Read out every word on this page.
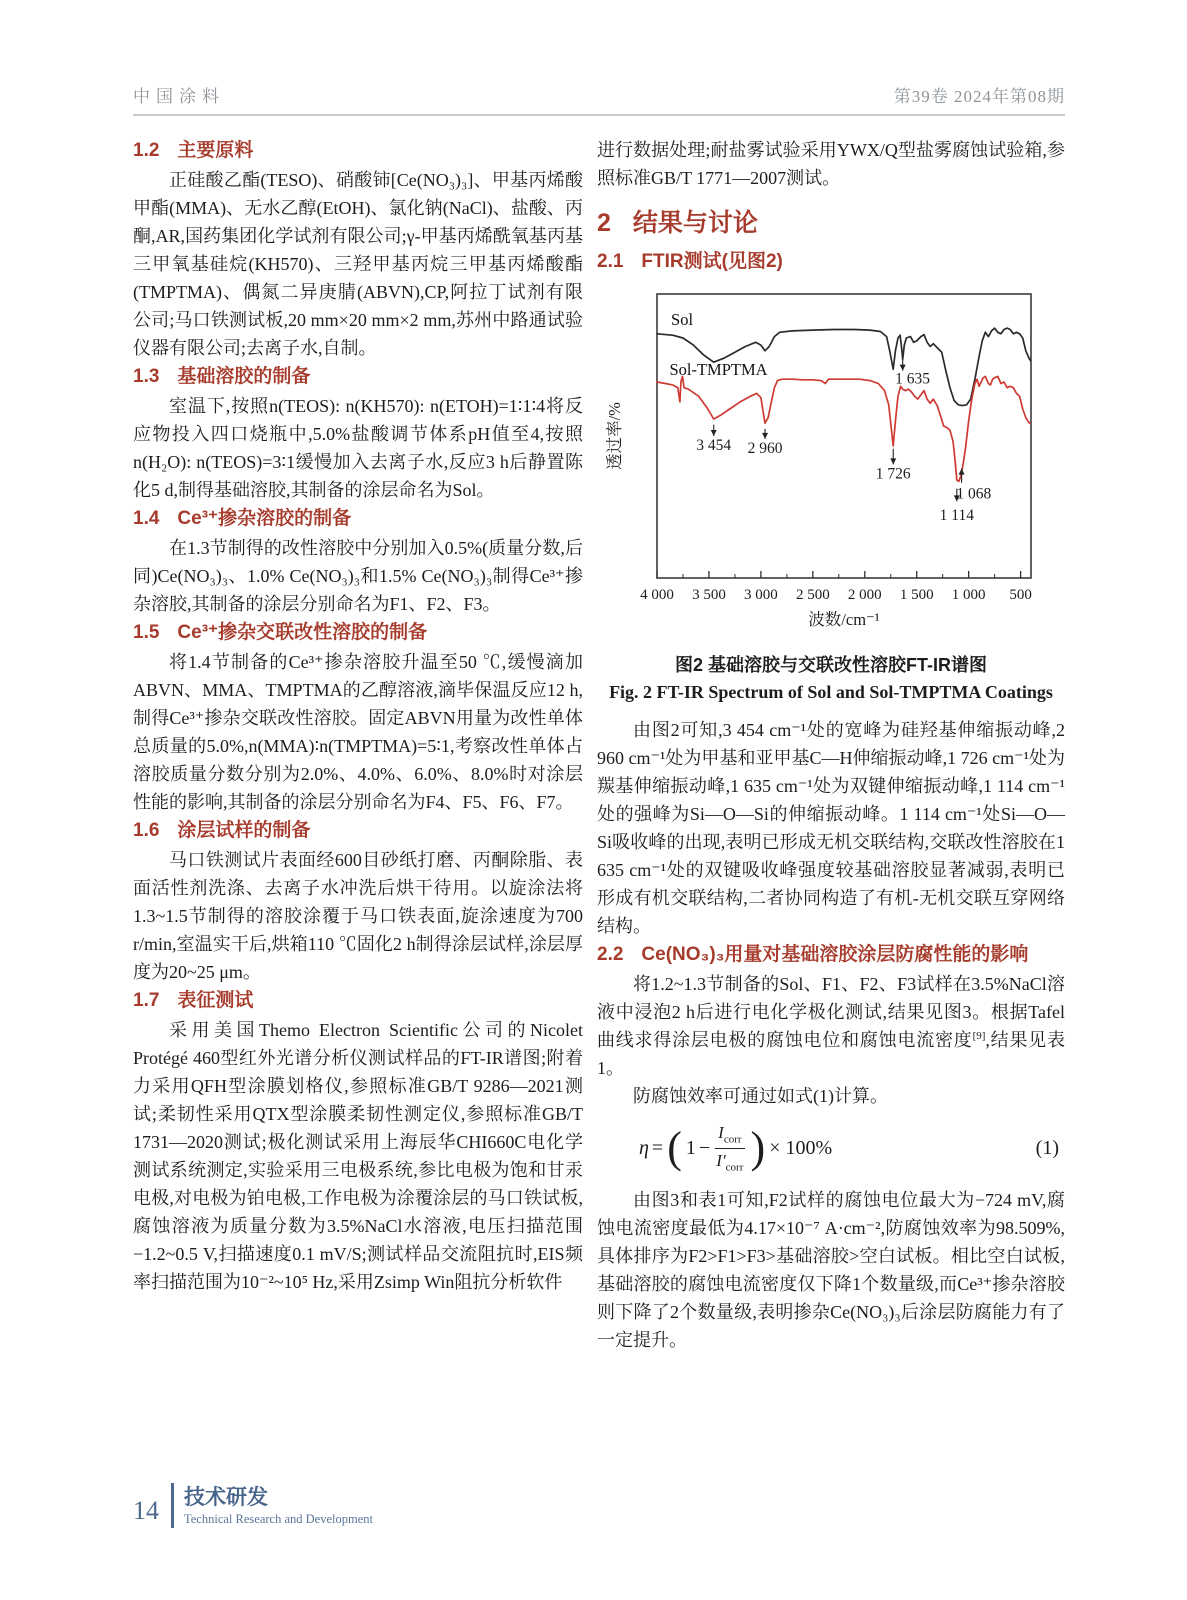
中国涂料	第39卷 2024年第08期
1.2 主要原料

正硅酸乙酯(TESO)、硝酸铈[Ce(NO₃)₃]、甲基丙烯酸甲酯(MMA)、无水乙醇(EtOH)、氯化钠(NaCl)、盐酸、丙酮,AR,国药集团化学试剂有限公司;γ-甲基丙烯酰氧基丙基三甲氧基硅烷(KH570)、三羟甲基丙烷三甲基丙烯酸酯(TMPTMA)、偶氮二异庚腈(ABVN),CP,阿拉丁试剂有限公司;马口铁测试板,20 mm×20 mm×2 mm,苏州中路通试验仪器有限公司;去离子水,自制。

1.3 基础溶胶的制备

室温下,按照n(TEOS): n(KH570): n(ETOH)=1∶1∶4将反应物投入四口烧瓶中,5.0%盐酸调节体系pH值至4,按照n(H₂O): n(TEOS)=3∶1缓慢加入去离子水,反应3 h后静置陈化5 d,制得基础溶胶,其制备的涂层命名为Sol。

1.4 Ce³⁺掺杂溶胶的制备

在1.3节制得的改性溶胶中分别加入0.5%(质量分数,后同)Ce(NO₃)₃、1.0% Ce(NO₃)₃和1.5% Ce(NO₃)₃制得Ce³⁺掺杂溶胶,其制备的涂层分别命名为F1、F2、F3。

1.5 Ce³⁺掺杂交联改性溶胶的制备

将1.4节制备的Ce³⁺掺杂溶胶升温至50 ℃,缓慢滴加ABVN、MMA、TMPTMA的乙醇溶液,滴毕保温反应12 h,制得Ce³⁺掺杂交联改性溶胶。固定ABVN用量为改性单体总质量的5.0%,n(MMA)∶n(TMPTMA)=5∶1,考察改性单体占溶胶质量分数分别为2.0%、4.0%、6.0%、8.0%时对涂层性能的影响,其制备的涂层分别命名为F4、F5、F6、F7。

1.6 涂层试样的制备

马口铁测试片表面经600目砂纸打磨、丙酮除脂、表面活性剂洗涤、去离子水冲洗后烘干待用。以旋涂法将1.3~1.5节制得的溶胶涂覆于马口铁表面,旋涂速度为700 r/min,室温实干后,烘箱110 ℃固化2 h制得涂层试样,涂层厚度为20~25 μm。

1.7 表征测试

采用美国Themo Electron Scientific公司的Nicolet Protégé 460型红外光谱分析仪测试样品的FT-IR谱图;附着力采用QFH型涂膜划格仪,参照标准GB/T 9286—2021测试;柔韧性采用QTX型涂膜柔韧性测定仪,参照标准GB/T 1731—2020测试;极化测试采用上海辰华CHI660C电化学测试系统测定,实验采用三电极系统,参比电极为饱和甘汞电极,对电极为铂电极,工作电极为涂覆涂层的马口铁试板,腐蚀溶液为质量分数为3.5%NaCl水溶液,电压扫描范围−1.2~0.5 V,扫描速度0.1 mV/S;测试样品交流阻抗时,EIS频率扫描范围为10⁻²~10⁵ Hz,采用Zsimp Win阻抗分析软件

进行数据处理;耐盐雾试验采用YWX/Q型盐雾腐蚀试验箱,参照标准GB/T 1771—2007测试。

2 结果与讨论
2.1 FTIR测试(见图2)
4 000 3 500 3 000 2 500 2 000 1 500 1 000 500
波数/cm⁻¹
透过率/%
Sol
Sol-TMPTMA
3 454 2 960
1 726
1 635
1 114
1 068
图2 基础溶胶与交联改性溶胶FT-IR谱图
Fig. 2 FT-IR Spectrum of Sol and Sol-TMPTMA Coatings

由图2可知,3 454 cm⁻¹处的宽峰为硅羟基伸缩振动峰,2 960 cm⁻¹处为甲基和亚甲基C—H伸缩振动峰,1 726 cm⁻¹处为羰基伸缩振动峰,1 635 cm⁻¹处为双键伸缩振动峰,1 114 cm⁻¹处的强峰为Si—O—Si的伸缩振动峰。1 114 cm⁻¹处Si—O—Si吸收峰的出现,表明已形成无机交联结构,交联改性溶胶在1 635 cm⁻¹处的双键吸收峰强度较基础溶胶显著减弱,表明已形成有机交联结构,二者协同构造了有机-无机交联互穿网络结构。

2.2 Ce(NO₃)₃用量对基础溶胶涂层防腐性能的影响

将1.2~1.3节制备的Sol、F1、F2、F3试样在3.5%NaCl溶液中浸泡2 h后进行电化学极化测试,结果见图3。根据Tafel曲线求得涂层电极的腐蚀电位和腐蚀电流密度[9],结果见表1。

防腐蚀效率可通过如式(1)计算。

η = ( $1 - \frac{I_{corr}}{I'_{corr}}$ ) × 100%	(1)

由图3和表1可知,F2试样的腐蚀电位最大为−724 mV,腐蚀电流密度最低为4.17×10⁻⁷ A·cm⁻²,防腐蚀效率为98.509%,具体排序为F2>F1>F3>基础溶胶>空白试板。相比空白试板,基础溶胶的腐蚀电流密度仅下降1个数量级,而Ce³⁺掺杂溶胶则下降了2个数量级,表明掺杂Ce(NO₃)₃后涂层防腐能力有了一定提升。

14 技术研发
Technical Research and Development
